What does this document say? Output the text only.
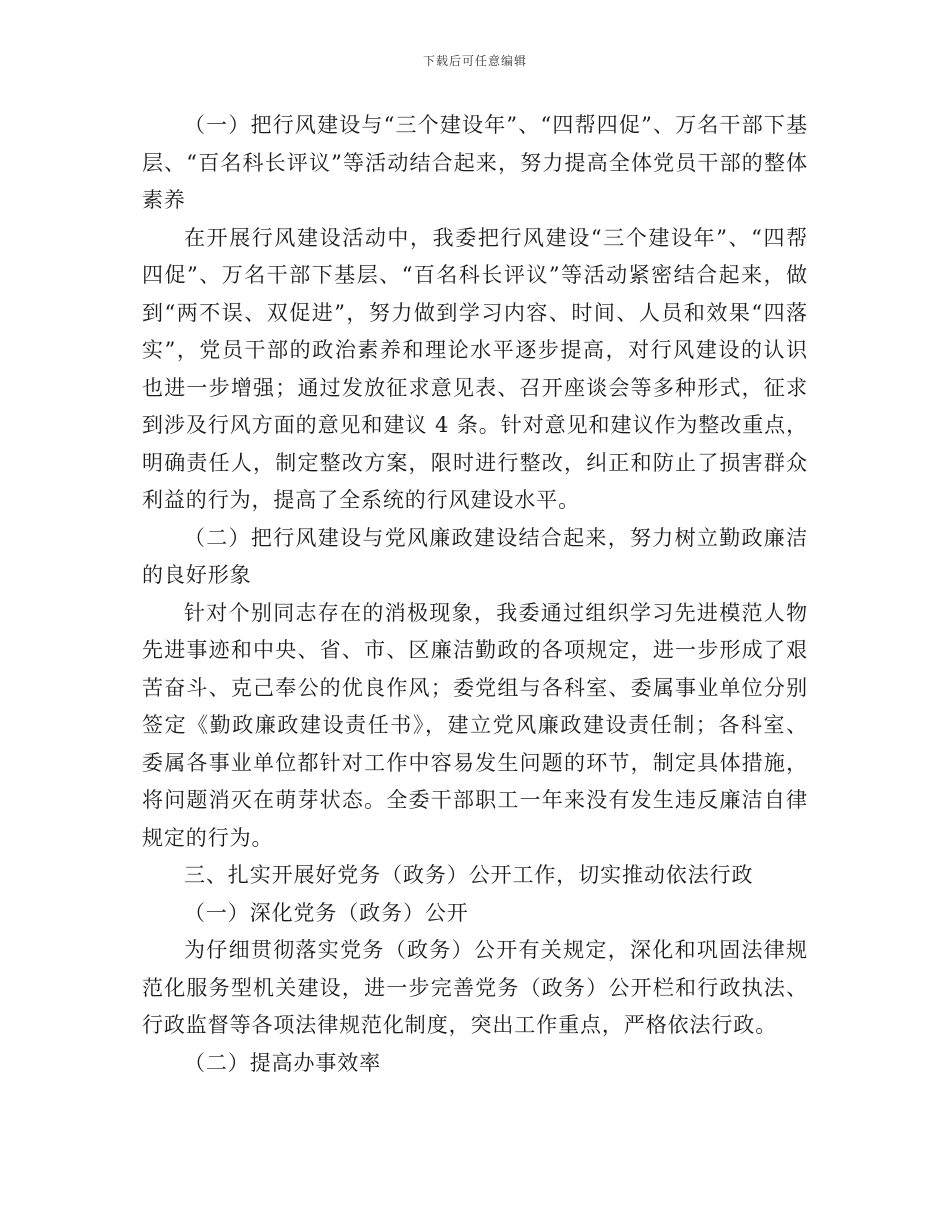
下载后可任意编辑

（一）把行风建设与“三个建设年”、“四帮四促”、万名干部下基层、“百名科长评议”等活动结合起来，努力提高全体党员干部的整体素养

在开展行风建设活动中，我委把行风建设“三个建设年”、“四帮四促”、万名干部下基层、“百名科长评议”等活动紧密结合起来，做到“两不误、双促进”，努力做到学习内容、时间、人员和效果“四落实”，党员干部的政治素养和理论水平逐步提高，对行风建设的认识也进一步增强；通过发放征求意见表、召开座谈会等多种形式，征求到涉及行风方面的意见和建议 4 条。针对意见和建议作为整改重点，明确责任人，制定整改方案，限时进行整改，纠正和防止了损害群众利益的行为，提高了全系统的行风建设水平。

（二）把行风建设与党风廉政建设结合起来，努力树立勤政廉洁的良好形象

针对个别同志存在的消极现象，我委通过组织学习先进模范人物先进事迹和中央、省、市、区廉洁勤政的各项规定，进一步形成了艰苦奋斗、克己奉公的优良作风；委党组与各科室、委属事业单位分别签定《勤政廉政建设责任书》，建立党风廉政建设责任制；各科室、委属各事业单位都针对工作中容易发生问题的环节，制定具体措施，将问题消灭在萌芽状态。全委干部职工一年来没有发生违反廉洁自律规定的行为。

三、扎实开展好党务（政务）公开工作，切实推动依法行政

（一）深化党务（政务）公开

为仔细贯彻落实党务（政务）公开有关规定，深化和巩固法律规范化服务型机关建设，进一步完善党务（政务）公开栏和行政执法、行政监督等各项法律规范化制度，突出工作重点，严格依法行政。

（二）提高办事效率
